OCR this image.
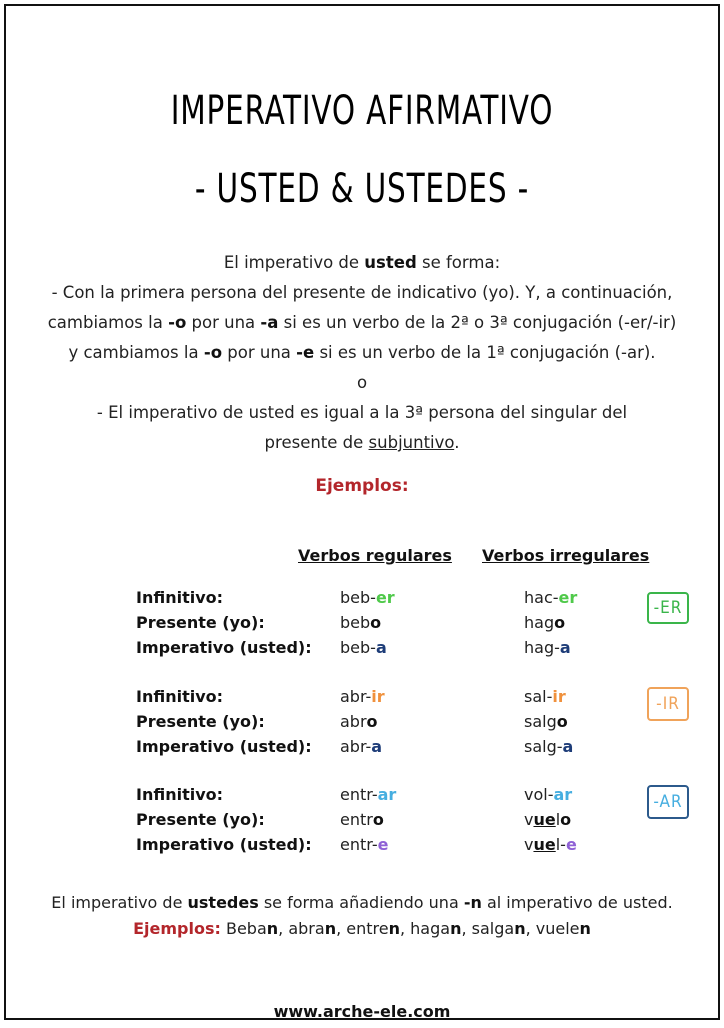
IMPERATIVO AFIRMATIVO
- USTED & USTEDES -
El imperativo de usted se forma:
- Con la primera persona del presente de indicativo (yo). Y, a continuación,
cambiamos la -o por una -a si es un verbo de la 2ª o 3ª conjugación (-er/-ir)
y cambiamos la -o por una -e si es un verbo de la 1ª conjugación (-ar).
o
- El imperativo de usted es igual a la 3ª persona del singular del
presente de subjuntivo.
Ejemplos:
Verbos regulares Verbos irregulares
Infinitivo:
Presente (yo):
Imperativo (usted):
beb-er
bebo
beb-a
hac-er
hago
hag-a
-ER
Infinitivo:
Presente (yo):
Imperativo (usted):
abr-ir
abro
abr-a
sal-ir
salgo
salg-a
-IR
Infinitivo:
Presente (yo):
Imperativo (usted):
entr-ar
entro
entr-e
vol-ar
vuelo
vuel-e
-AR
El imperativo de ustedes se forma añadiendo una -n al imperativo de usted.
Ejemplos: Beban, abran, entren, hagan, salgan, vuelen
www.arche-ele.com
